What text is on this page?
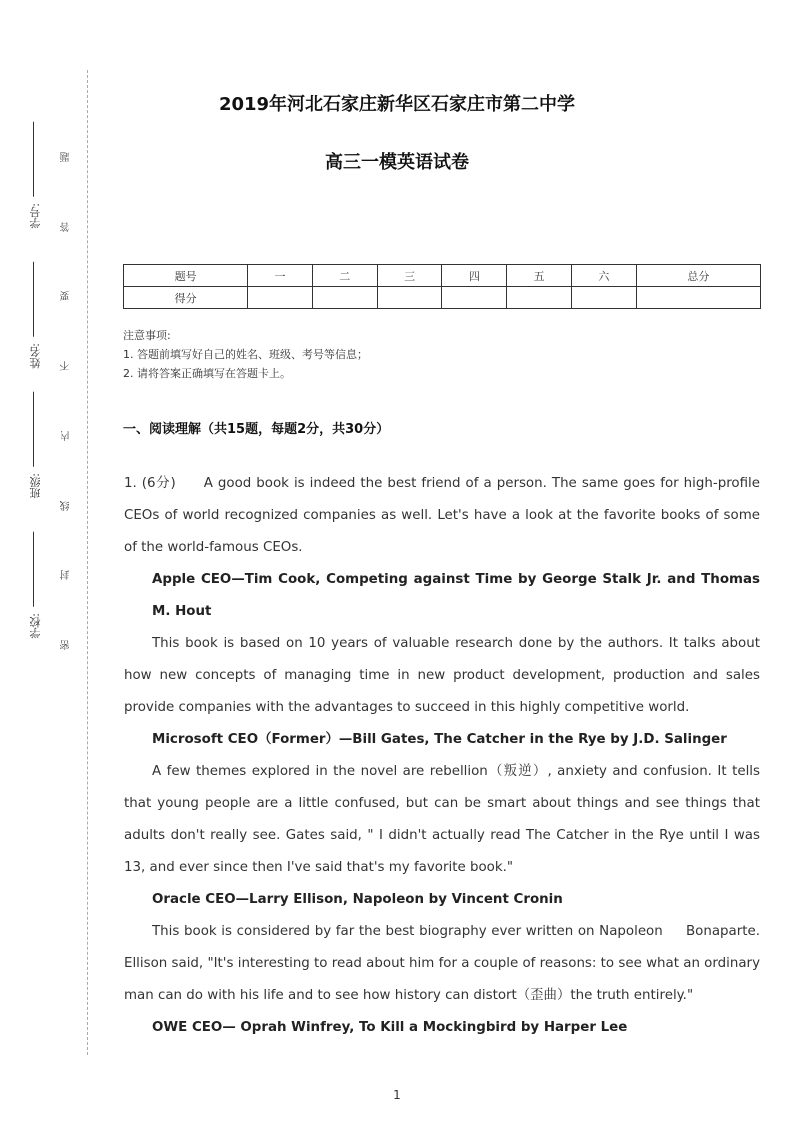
题
答
要
不
内
线
封
密
学号:
姓名:
班级:
学校:
2019年河北石家庄新华区石家庄市第二中学
高三一模英语试卷
题号	一	二	三	四	五	六	总分
得分							
注意事项:
1. 答题前填写好自己的姓名、班级、考号等信息；
2. 请将答案正确填写在答题卡上。
一、阅读理解（共15题，每题2分，共30分）

1. (6分) A good book is indeed the best friend of a person. The same goes for high-profile CEOs of world recognized companies as well. Let's have a look at the favorite books of some of the world-famous CEOs.

Apple CEO—Tim Cook, Competing against Time by George Stalk Jr. and Thomas M. Hout

This book is based on 10 years of valuable research done by the authors. It talks about how new concepts of managing time in new product development, production and sales provide companies with the advantages to succeed in this highly competitive world.

Microsoft CEO（Former）—Bill Gates, The Catcher in the Rye by J.D. Salinger

A few themes explored in the novel are rebellion（叛逆）, anxiety and confusion. It tells that young people are a little confused, but can be smart about things and see things that adults don't really see. Gates said, " I didn't actually read The Catcher in the Rye until I was 13, and ever since then I've said that's my favorite book."

Oracle CEO—Larry Ellison, Napoleon by Vincent Cronin

This book is considered by far the best biography ever written on Napoleon     Bonaparte. Ellison said, "It's interesting to read about him for a couple of reasons: to see what an ordinary man can do with his life and to see how history can distort（歪曲）the truth entirely."

OWE CEO— Oprah Winfrey, To Kill a Mockingbird by Harper Lee

1
